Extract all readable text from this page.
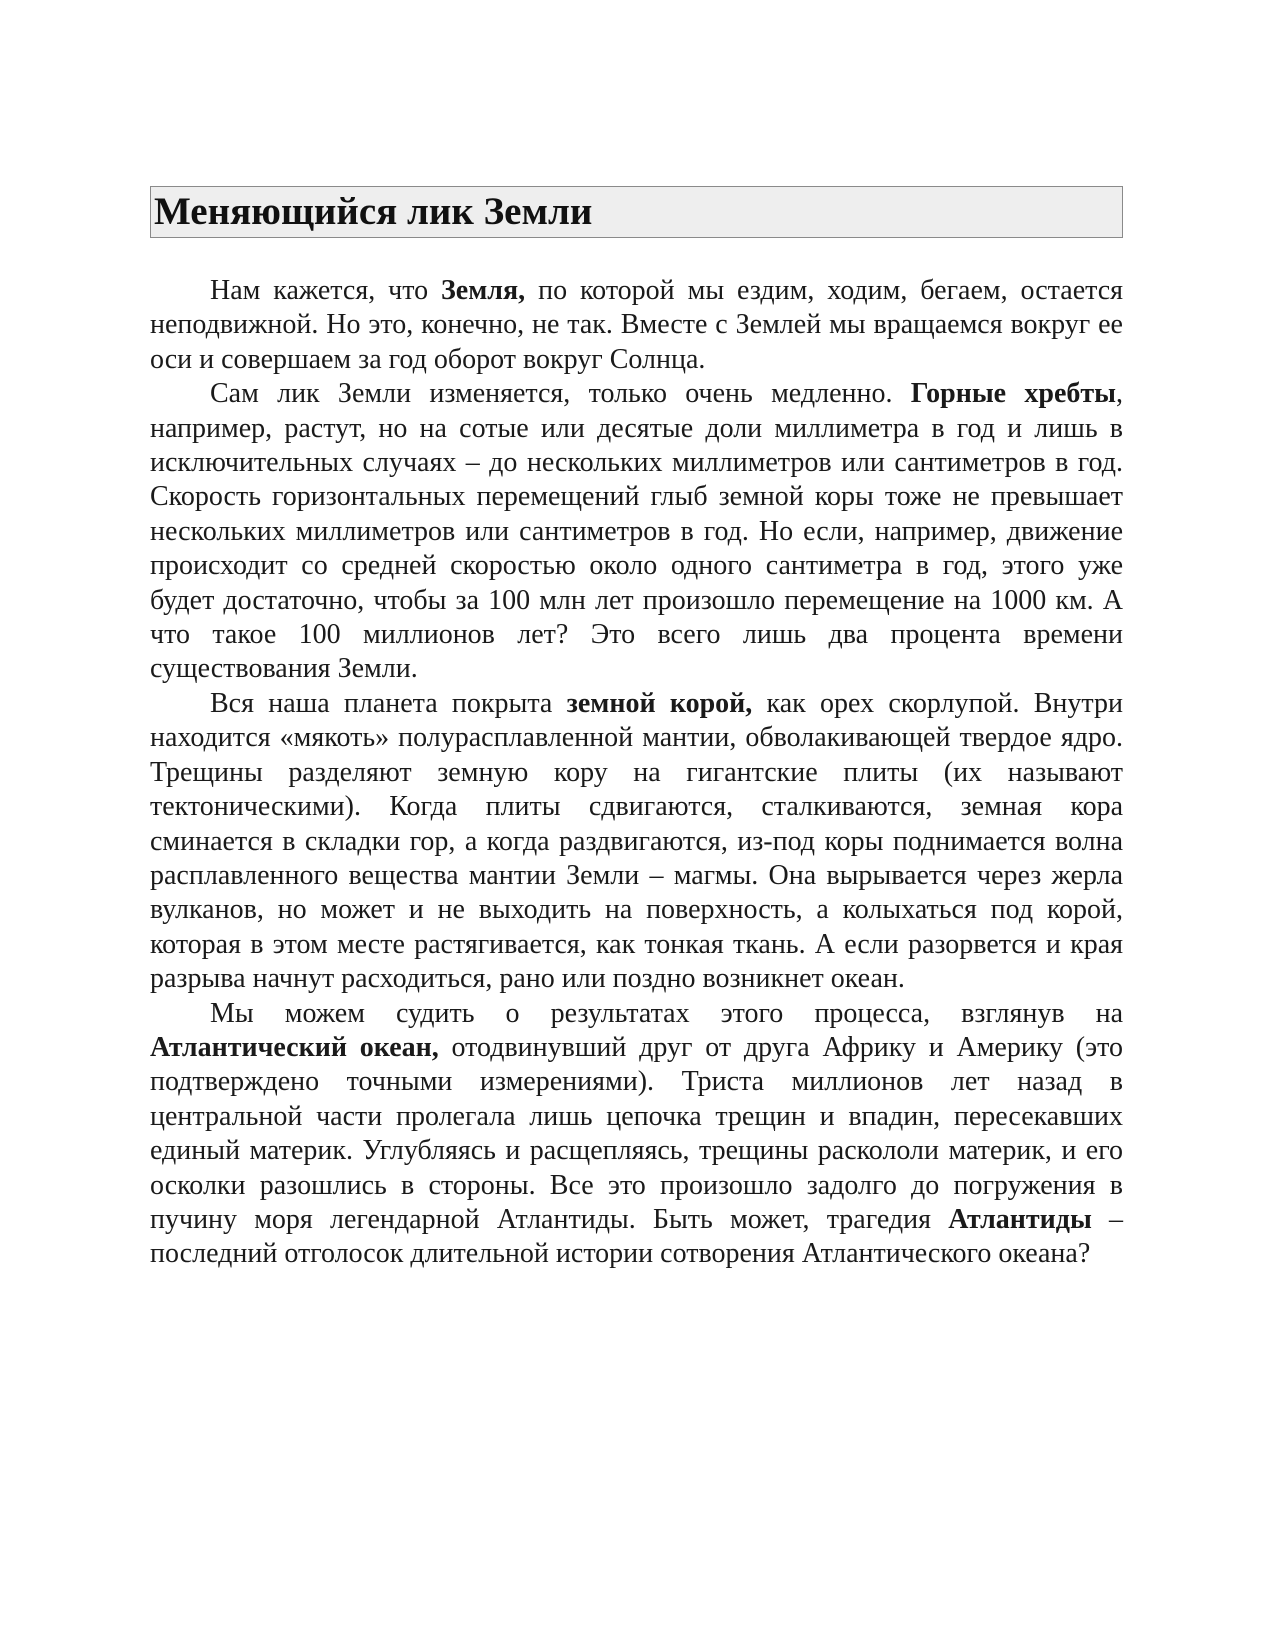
Меняющийся лик Земли

Нам кажется, что Земля, по которой мы ездим, ходим, бегаем, остается неподвижной. Но это, конечно, не так. Вместе с Землей мы вращаемся вокруг ее оси и совершаем за год оборот вокруг Солнца.

Сам лик Земли изменяется, только очень медленно. Горные хребты, например, растут, но на сотые или десятые доли миллиметра в год и лишь в исключительных случаях – до нескольких миллиметров или сантиметров в год. Скорость горизонтальных перемещений глыб земной коры тоже не превышает нескольких миллиметров или сантиметров в год. Но если, например, движение происходит со средней скоростью около одного сантиметра в год, этого уже будет достаточно, чтобы за 100 млн лет произошло перемещение на 1000 км. А что такое 100 миллионов лет? Это всего лишь два процента времени существования Земли.

Вся наша планета покрыта земной корой, как орех скорлупой. Внутри находится «мякоть» полурасплавленной мантии, обволакивающей твердое ядро. Трещины разделяют земную кору на гигантские плиты (их называют тектоническими). Когда плиты сдвигаются, сталкиваются, земная кора сминается в складки гор, а когда раздвигаются, из-под коры поднимается волна расплавленного вещества мантии Земли – магмы. Она вырывается через жерла вулканов, но может и не выходить на поверхность, а колыхаться под корой, которая в этом месте растягивается, как тонкая ткань. А если разорвется и края разрыва начнут расходиться, рано или поздно возникнет океан.

Мы можем судить о результатах этого процесса, взглянув на Атлантический океан, отодвинувший друг от друга Африку и Америку (это подтверждено точными измерениями). Триста миллионов лет назад в центральной части пролегала лишь цепочка трещин и впадин, пересекавших единый материк. Углубляясь и расщепляясь, трещины раскололи материк, и его осколки разошлись в стороны. Все это произошло задолго до погружения в пучину моря легендарной Атлантиды. Быть может, трагедия Атлантиды – последний отголосок длительной истории сотворения Атлантического океана?
